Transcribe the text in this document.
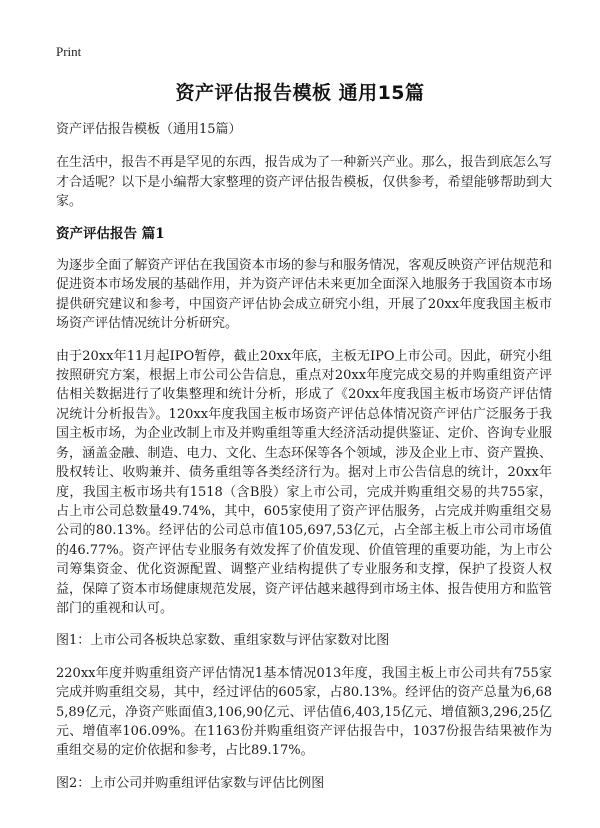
Print
资产评估报告模板 通用15篇

资产评估报告模板（通用15篇）

在生活中，报告不再是罕见的东西，报告成为了一种新兴产业。那么，报告到底怎么写才合适呢？以下是小编帮大家整理的资产评估报告模板，仅供参考，希望能够帮助到大家。

资产评估报告 篇1

为逐步全面了解资产评估在我国资本市场的参与和服务情况，客观反映资产评估规范和促进资本市场发展的基础作用，并为资产评估未来更加全面深入地服务于我国资本市场提供研究建议和参考，中国资产评估协会成立研究小组，开展了20xx年度我国主板市场资产评估情况统计分析研究。

由于20xx年11月起IPO暂停，截止20xx年底，主板无IPO上市公司。因此，研究小组按照研究方案，根据上市公司公告信息，重点对20xx年度完成交易的并购重组资产评估相关数据进行了收集整理和统计分析，形成了《20xx年度我国主板市场资产评估情况统计分析报告》。120xx年度我国主板市场资产评估总体情况资产评估广泛服务于我国主板市场，为企业改制上市及并购重组等重大经济活动提供鉴证、定价、咨询专业服务，涵盖金融、制造、电力、文化、生态环保等各个领域，涉及企业上市、资产置换、股权转让、收购兼并、债务重组等各类经济行为。据对上市公告信息的统计，20xx年度，我国主板市场共有1518（含B股）家上市公司，完成并购重组交易的共755家，占上市公司总数量49.74%，其中，605家使用了资产评估服务，占完成并购重组交易公司的80.13%。经评估的公司总市值105,697,53亿元，占全部主板上市公司市场值的46.77%。资产评估专业服务有效发挥了价值发现、价值管理的重要功能，为上市公司筹集资金、优化资源配置、调整产业结构提供了专业服务和支撑，保护了投资人权益，保障了资本市场健康规范发展，资产评估越来越得到市场主体、报告使用方和监管部门的重视和认可。

图1：上市公司各板块总家数、重组家数与评估家数对比图

220xx年度并购重组资产评估情况1基本情况013年度，我国主板上市公司共有755家完成并购重组交易，其中，经过评估的605家，占80.13%。经评估的资产总量为6,685,89亿元，净资产账面值3,106,90亿元、评估值6,403,15亿元、增值额3,296,25亿元、增值率106.09%。在1163份并购重组资产评估报告中，1037份报告结果被作为重组交易的定价依据和参考，占比89.17%。

图2：上市公司并购重组评估家数与评估比例图
